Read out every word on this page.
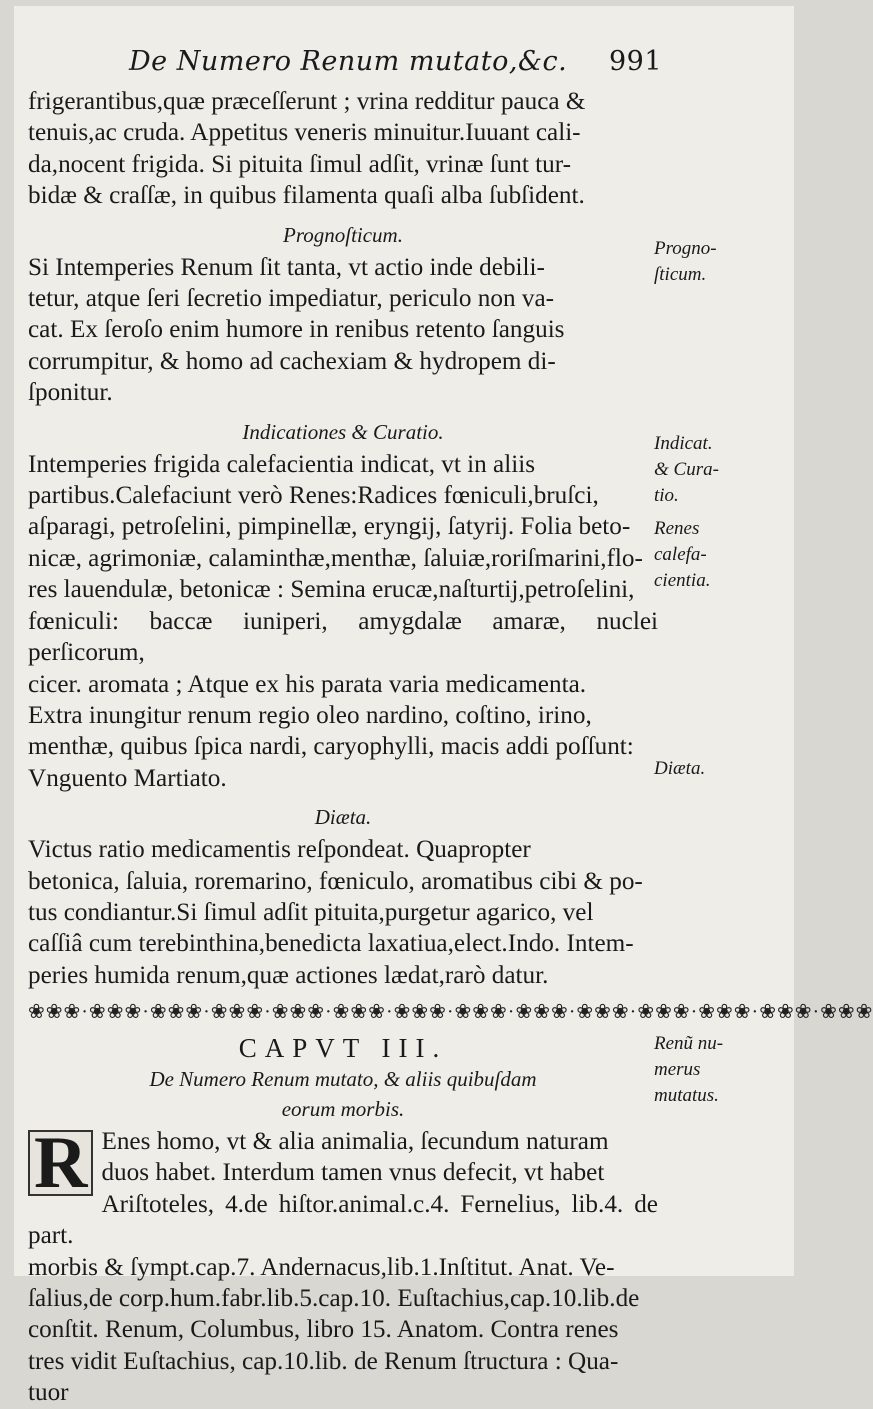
De Numero Renum mutato,&c. 991

frigerantibus,quæ præceſſerunt ; vrina redditur pauca &

tenuis,ac cruda. Appetitus veneris minuitur.Iuuant cali-

da,nocent frigida. Si pituita ſimul adſit, vrinæ ſunt tur-

bidæ & craſſæ, in quibus filamenta quaſi alba ſubſident.

Prognoſticum.

Si Intemperies Renum ſit tanta, vt actio inde debili-

tetur, atque ſeri ſecretio impediatur, periculo non va-

cat. Ex ſeroſo enim humore in renibus retento ſanguis

corrumpitur, & homo ad cachexiam & hydropem di-

ſponitur.

Indicationes & Curatio.

Intemperies frigida calefacientia indicat, vt in aliis

partibus.Calefaciunt verò Renes:Radices fœniculi,bruſci,

aſparagi, petroſelini, pimpinellæ, eryngij, ſatyrij. Folia beto-

nicæ, agrimoniæ, calaminthæ,menthæ, ſaluiæ,roriſmarini,flo-

res lauendulæ, betonicæ : Semina erucæ,naſturtij,petroſelini,

fœniculi: baccæ iuniperi, amygdalæ amaræ, nuclei perſicorum,

cicer. aromata ; Atque ex his parata varia medicamenta.

Extra inungitur renum regio oleo nardino, coſtino, irino,

menthæ, quibus ſpica nardi, caryophylli, macis addi poſſunt:

Vnguento Martiato.

Diæta.

Victus ratio medicamentis reſpondeat. Quapropter

betonica, ſaluia, roremarino, fœniculo, aromatibus cibi & po-

tus condiantur.Si ſimul adſit pituita,purgetur agarico, vel

caſſiâ cum terebinthina,benedicta laxatiua,elect.Indo. Intem-

peries humida renum,quæ actiones lædat,rarò datur.

❀❀❀·❀❀❀·❀❀❀·❀❀❀·❀❀❀·❀❀❀·❀❀❀·❀❀❀·❀❀❀·❀❀❀·❀❀❀·❀❀❀·❀❀❀·❀❀❀
CAPVT III.
De Numero Renum mutato, & aliis quibuſdam
eorum morbis.
R Enes homo, vt & alia animalia, ſecundum naturam

duos habet. Interdum tamen vnus defecit, vt habet

Ariſtoteles, 4.de hiſtor.animal.c.4. Fernelius, lib.4. de part.

morbis & ſympt.cap.7. Andernacus,lib.1.Inſtitut. Anat. Ve-

ſalius,de corp.hum.fabr.lib.5.cap.10. Euſtachius,cap.10.lib.de

conſtit. Renum, Columbus, libro 15. Anatom. Contra renes

tres vidit Euſtachius, cap.10.lib. de Renum ſtructura : Qua-

tuor

Progno-
ſticum.
Indicat.
& Cura-
tio.
Renes
calefa-
cientia.
Diæta.
Renũ nu-
merus
mutatus.
